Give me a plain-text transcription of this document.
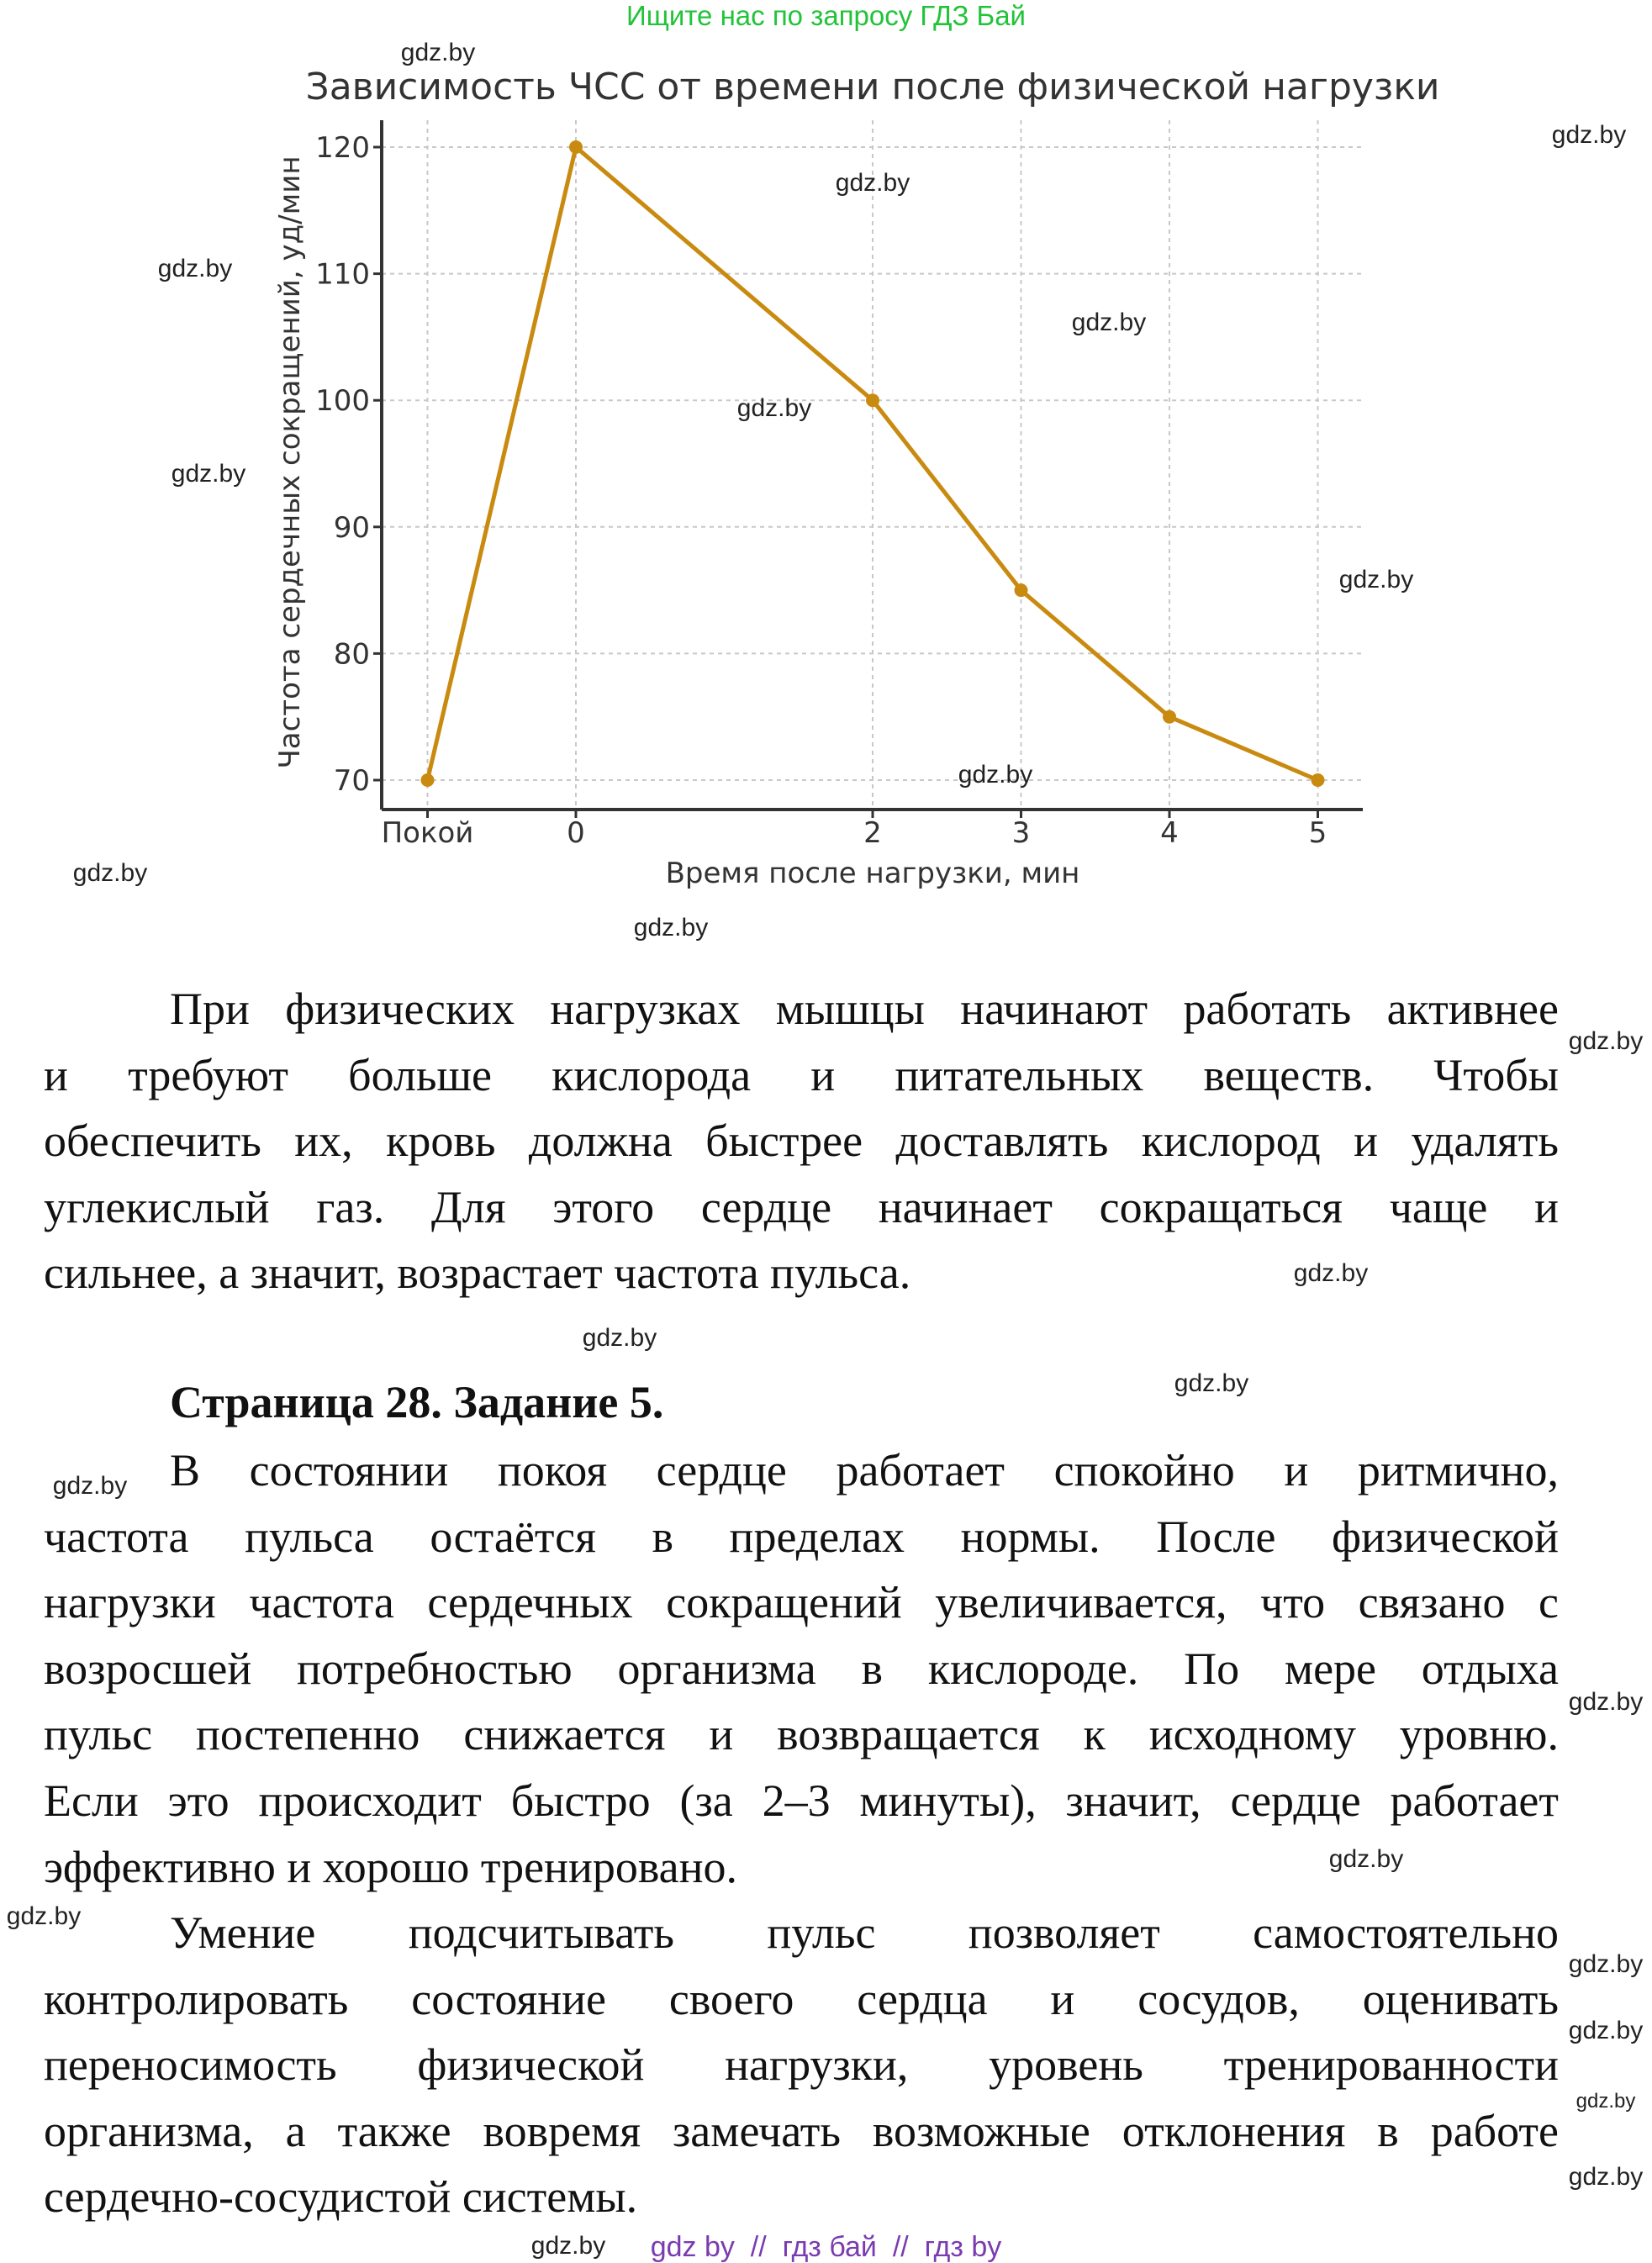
Ищите нас по запросу ГДЗ Бай
Зависимость ЧСС от времени после физической нагрузки
70
80
90
100
110
120
Покой	0	2	3	4	5
Время после нагрузки, мин
Частота сердечных сокращений, уд/мин
При физических нагрузках мышцы начинают работать активнее
и требуют больше кислорода и питательных веществ. Чтобы
обеспечить их, кровь должна быстрее доставлять кислород и удалять
углекислый газ. Для этого сердце начинает сокращаться чаще и
сильнее, а значит, возрастает частота пульса.
Страница 28. Задание 5.
В состоянии покоя сердце работает спокойно и ритмично,
частота пульса остаётся в пределах нормы. После физической
нагрузки частота сердечных сокращений увеличивается, что связано с
возросшей потребностью организма в кислороде. По мере отдыха
пульс постепенно снижается и возвращается к исходному уровню.
Если это происходит быстро (за 2–3 минуты), значит, сердце работает
эффективно и хорошо тренировано.
Умение подсчитывать пульс позволяет самостоятельно
контролировать состояние своего сердца и сосудов, оценивать
переносимость физической нагрузки, уровень тренированности
организма, а также вовремя замечать возможные отклонения в работе
сердечно-сосудистой системы.
gdz.by
gdz.by
gdz.by
gdz.by
gdz.by
gdz.by
gdz.by
gdz.by
gdz.by
gdz.by
gdz.by
gdz.by
gdz.by
gdz.by
gdz.by
gdz.by
gdz.by
gdz.by
gdz.by
gdz.by
gdz.by
gdz.by
gdz.by
gdz.by gdz by  //  гдз бай  //  гдз by
